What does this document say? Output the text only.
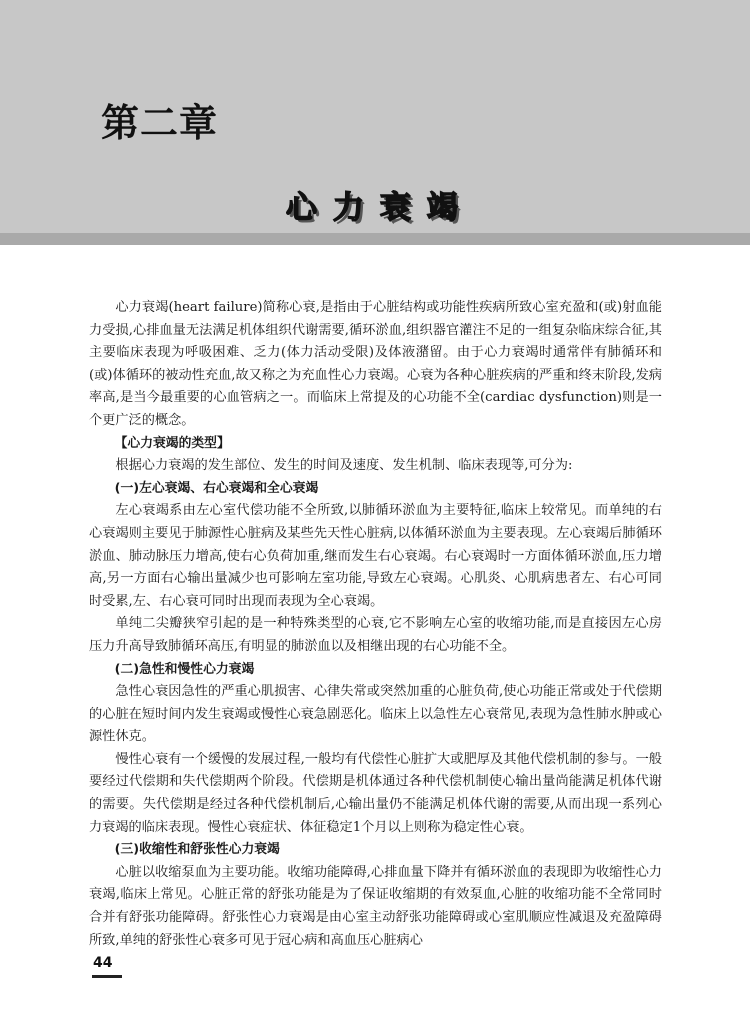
第二章
心力衰竭

心力衰竭(heart failure)简称心衰,是指由于心脏结构或功能性疾病所致心室充盈和(或)射血能力受损,心排血量无法满足机体组织代谢需要,循环淤血,组织器官灌注不足的一组复杂临床综合征,其主要临床表现为呼吸困难、乏力(体力活动受限)及体液潴留。由于心力衰竭时通常伴有肺循环和(或)体循环的被动性充血,故又称之为充血性心力衰竭。心衰为各种心脏疾病的严重和终末阶段,发病率高,是当今最重要的心血管病之一。而临床上常提及的心功能不全(cardiac dysfunction)则是一个更广泛的概念。

【心力衰竭的类型】

根据心力衰竭的发生部位、发生的时间及速度、发生机制、临床表现等,可分为:

(一)左心衰竭、右心衰竭和全心衰竭

左心衰竭系由左心室代偿功能不全所致,以肺循环淤血为主要特征,临床上较常见。而单纯的右心衰竭则主要见于肺源性心脏病及某些先天性心脏病,以体循环淤血为主要表现。左心衰竭后肺循环淤血、肺动脉压力增高,使右心负荷加重,继而发生右心衰竭。右心衰竭时一方面体循环淤血,压力增高,另一方面右心输出量减少也可影响左室功能,导致左心衰竭。心肌炎、心肌病患者左、右心可同时受累,左、右心衰可同时出现而表现为全心衰竭。

单纯二尖瓣狭窄引起的是一种特殊类型的心衰,它不影响左心室的收缩功能,而是直接因左心房压力升高导致肺循环高压,有明显的肺淤血以及相继出现的右心功能不全。

(二)急性和慢性心力衰竭

急性心衰因急性的严重心肌损害、心律失常或突然加重的心脏负荷,使心功能正常或处于代偿期的心脏在短时间内发生衰竭或慢性心衰急剧恶化。临床上以急性左心衰常见,表现为急性肺水肿或心源性休克。

慢性心衰有一个缓慢的发展过程,一般均有代偿性心脏扩大或肥厚及其他代偿机制的参与。一般要经过代偿期和失代偿期两个阶段。代偿期是机体通过各种代偿机制使心输出量尚能满足机体代谢的需要。失代偿期是经过各种代偿机制后,心输出量仍不能满足机体代谢的需要,从而出现一系列心力衰竭的临床表现。慢性心衰症状、体征稳定1个月以上则称为稳定性心衰。

(三)收缩性和舒张性心力衰竭

心脏以收缩泵血为主要功能。收缩功能障碍,心排血量下降并有循环淤血的表现即为收缩性心力衰竭,临床上常见。心脏正常的舒张功能是为了保证收缩期的有效泵血,心脏的收缩功能不全常同时合并有舒张功能障碍。舒张性心力衰竭是由心室主动舒张功能障碍或心室肌顺应性减退及充盈障碍所致,单纯的舒张性心衰多可见于冠心病和高血压心脏病心

44
